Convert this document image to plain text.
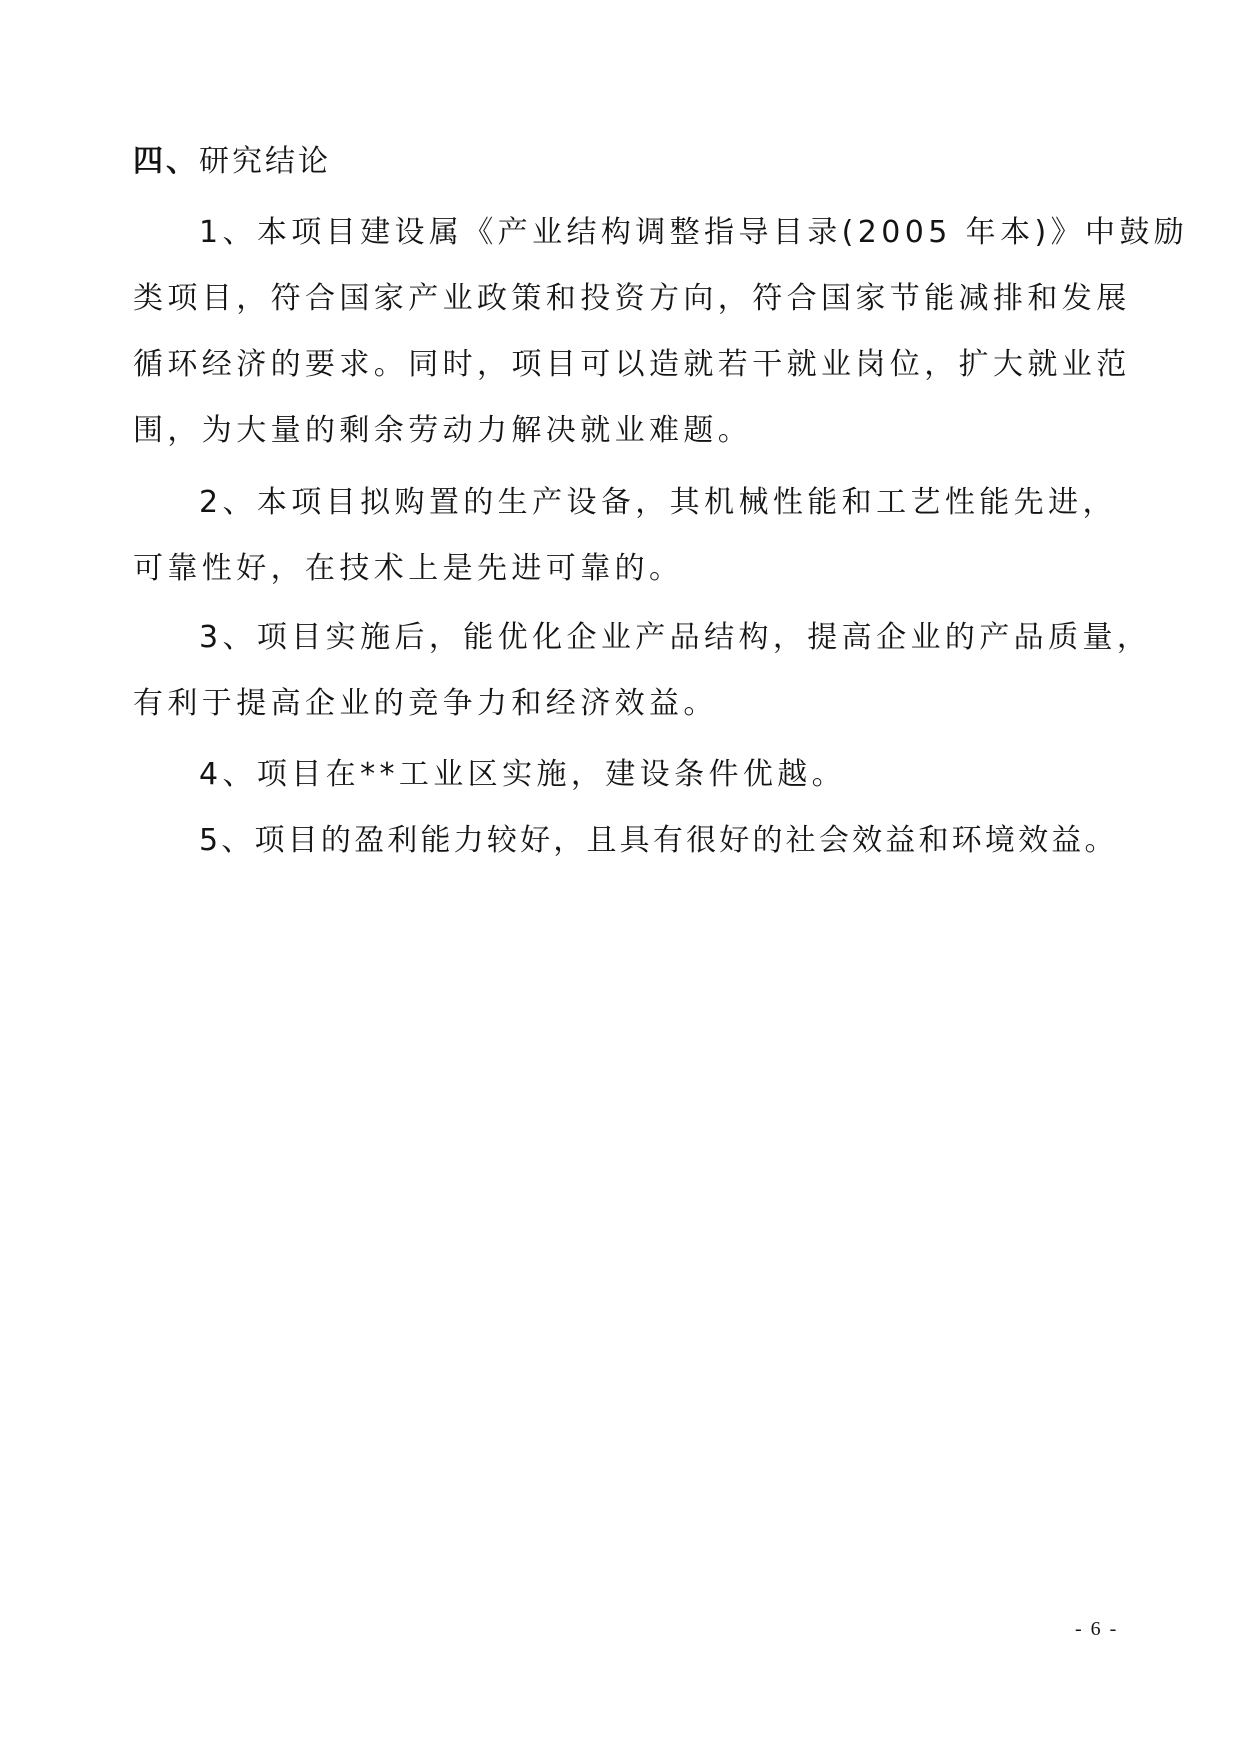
四、研究结论

1、本项目建设属《产业结构调整指导目录(2005 年本)》中鼓励
类项目，符合国家产业政策和投资方向，符合国家节能减排和发展
循环经济的要求。同时，项目可以造就若干就业岗位，扩大就业范
围，为大量的剩余劳动力解决就业难题。

2、本项目拟购置的生产设备，其机械性能和工艺性能先进，
可靠性好，在技术上是先进可靠的。

3、项目实施后，能优化企业产品结构，提高企业的产品质量，
有利于提高企业的竞争力和经济效益。

4、项目在**工业区实施，建设条件优越。

5、项目的盈利能力较好，且具有很好的社会效益和环境效益。

- 6 -
